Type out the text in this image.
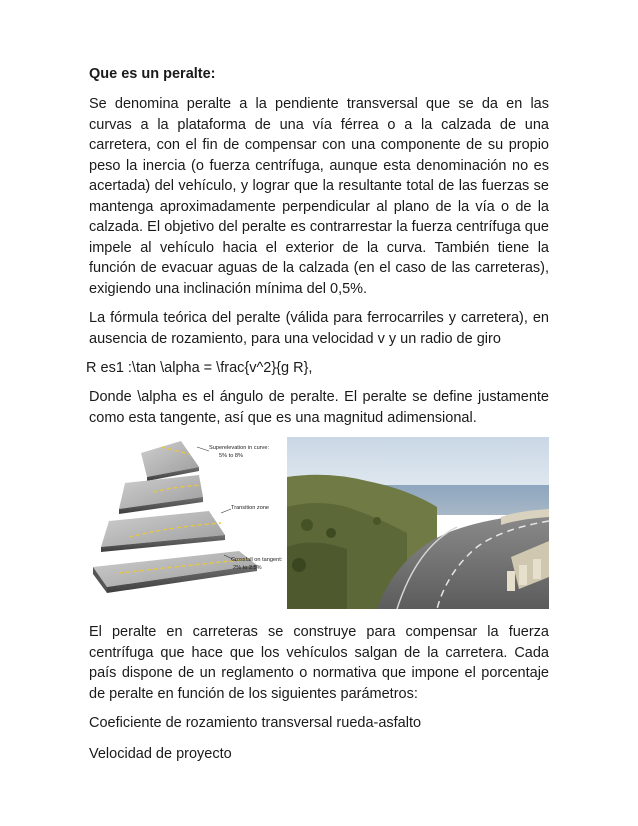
Que es un peralte:

Se denomina peralte a la pendiente transversal que se da en las curvas a la plataforma de una vía férrea o a la calzada de una carretera, con el fin de compensar con una componente de su propio peso la inercia (o fuerza centrífuga, aunque esta denominación no es acertada) del vehículo, y lograr que la resultante total de las fuerzas se mantenga aproximadamente perpendicular al plano de la vía o de la calzada. El objetivo del peralte es contrarrestar la fuerza centrífuga que impele al vehículo hacia el exterior de la curva. También tiene la función de evacuar aguas de la calzada (en el caso de las carreteras), exigiendo una inclinación mínima del 0,5%.

La fórmula teórica del peralte (válida para ferrocarriles y carretera), en ausencia de rozamiento, para una velocidad v y un radio de giro

R es1 :\tan \alpha = \frac{v^2}{g R},

Donde \alpha es el ángulo de peralte. El peralte se define justamente como esta tangente, así que es una magnitud adimensional.

Superelevation in curve:
5% to 8%
Transition zone
Crossfall on tangent:
2% to 2.5%

El peralte en carreteras se construye para compensar la fuerza centrífuga que hace que los vehículos salgan de la carretera. Cada país dispone de un reglamento o normativa que impone el porcentaje de peralte en función de los siguientes parámetros:

Coeficiente de rozamiento transversal rueda-asfalto
Velocidad de proyecto
